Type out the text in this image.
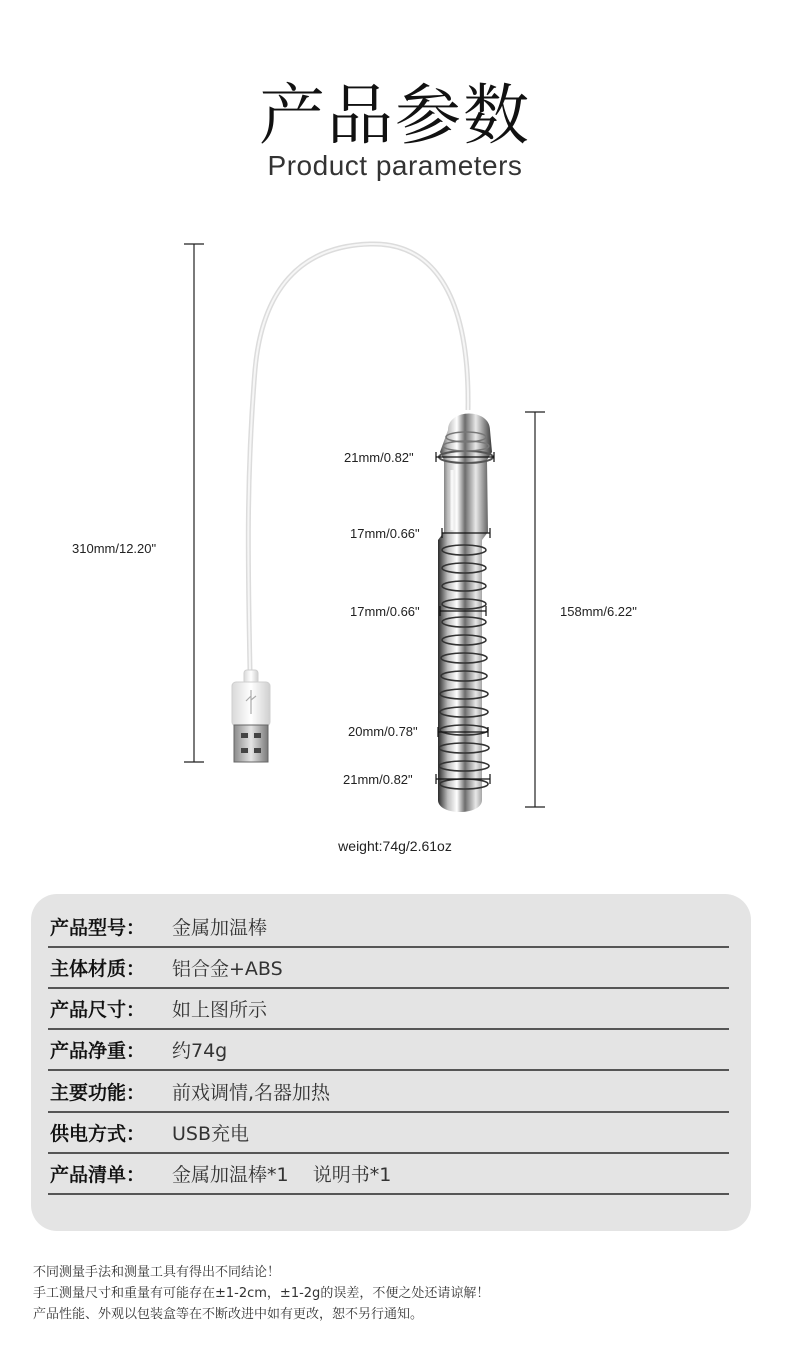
产品参数
Product parameters
310mm/12.20"
158mm/6.22"
21mm/0.82"
17mm/0.66"
17mm/0.66"
20mm/0.78"
21mm/0.82"
weight:74g/2.61oz
产品型号： 金属加温棒
主体材质： 铝合金+ABS
产品尺寸： 如上图所示
产品净重： 约74g
主要功能： 前戏调情,名器加热
供电方式： USB充电
产品清单： 金属加温棒*1    说明书*1
不同测量手法和测量工具有得出不同结论！
手工测量尺寸和重量有可能存在±1-2cm，±1-2g的误差，不便之处还请谅解！
产品性能、外观以包装盒等在不断改进中如有更改，恕不另行通知。
